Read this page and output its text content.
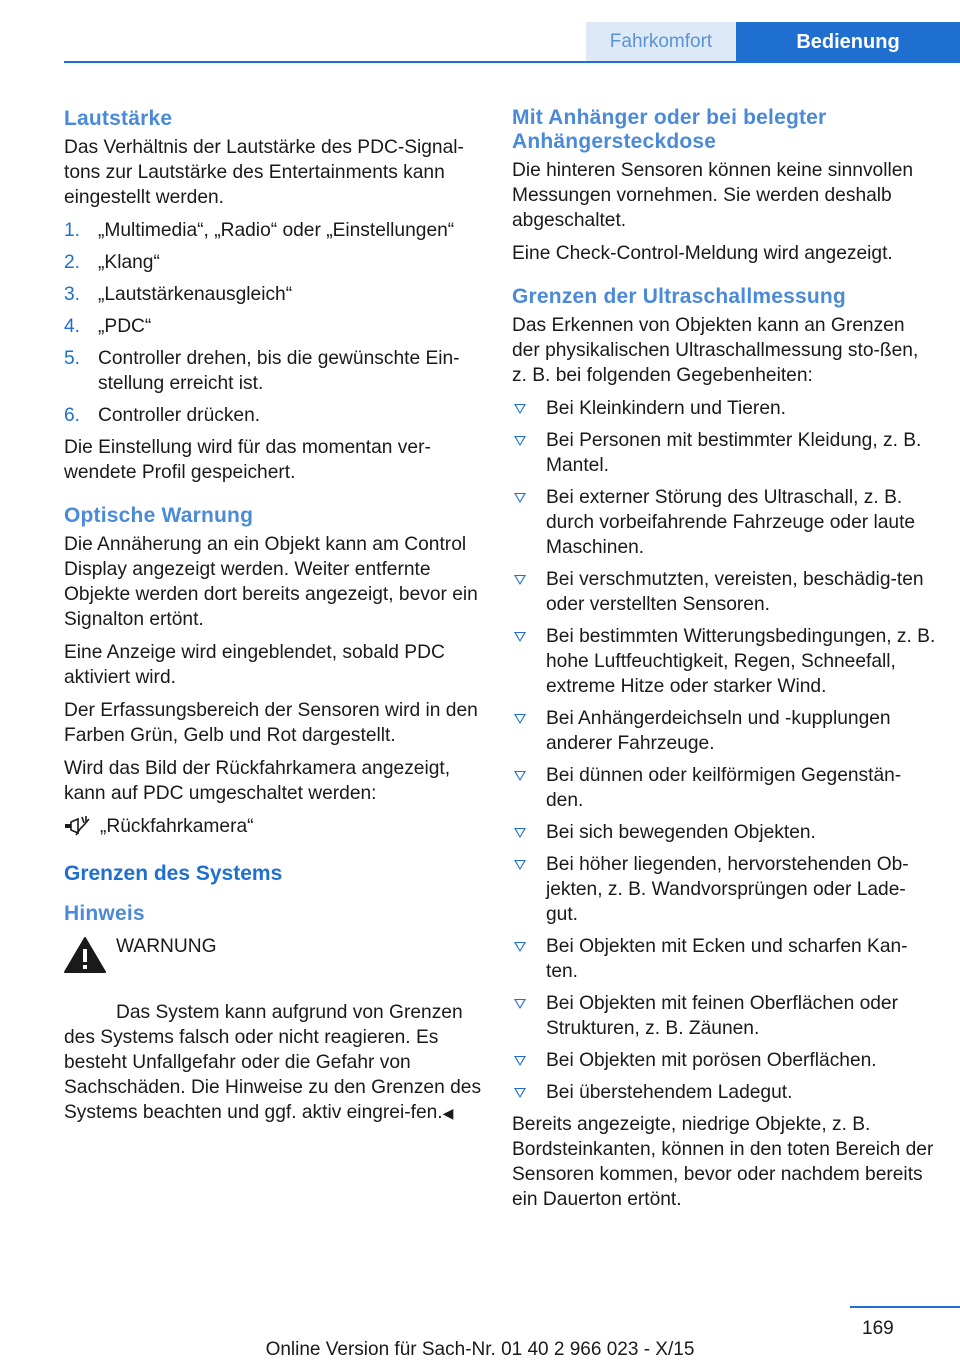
Fahrkomfort	Bedienung
Lautstärke

Das Verhältnis der Lautstärke des PDC-Signal-tons zur Lautstärke des Entertainments kann eingestellt werden.

1. „Multimedia“, „Radio“ oder „Einstellungen“
2. „Klang“
3. „Lautstärkenausgleich“
4. „PDC“
5. Controller drehen, bis die gewünschte Ein-stellung erreicht ist.
6. Controller drücken.

Die Einstellung wird für das momentan ver-wendete Profil gespeichert.

Optische Warnung

Die Annäherung an ein Objekt kann am Control Display angezeigt werden. Weiter entfernte Objekte werden dort bereits angezeigt, bevor ein Signalton ertönt.

Eine Anzeige wird eingeblendet, sobald PDC aktiviert wird.

Der Erfassungsbereich der Sensoren wird in den Farben Grün, Gelb und Rot dargestellt.

Wird das Bild der Rückfahrkamera angezeigt, kann auf PDC umgeschaltet werden:

„Rückfahrkamera“
Grenzen des Systems
Hinweis
WARNUNG

Das System kann aufgrund von Grenzen des Systems falsch oder nicht reagieren. Es besteht Unfallgefahr oder die Gefahr von Sachschäden. Die Hinweise zu den Grenzen des Systems beachten und ggf. aktiv eingrei-fen.◀

Mit Anhänger oder bei belegter Anhängersteckdose

Die hinteren Sensoren können keine sinnvollen Messungen vornehmen. Sie werden deshalb abgeschaltet.

Eine Check-Control-Meldung wird angezeigt.

Grenzen der Ultraschallmessung

Das Erkennen von Objekten kann an Grenzen der physikalischen Ultraschallmessung sto-ßen, z. B. bei folgenden Gegebenheiten:

Bei Kleinkindern und Tieren.
Bei Personen mit bestimmter Kleidung, z. B. Mantel.
Bei externer Störung des Ultraschall, z. B. durch vorbeifahrende Fahrzeuge oder laute Maschinen.
Bei verschmutzten, vereisten, beschädig-ten oder verstellten Sensoren.
Bei bestimmten Witterungsbedingungen, z. B. hohe Luftfeuchtigkeit, Regen, Schneefall, extreme Hitze oder starker Wind.
Bei Anhängerdeichseln und -kupplungen anderer Fahrzeuge.
Bei dünnen oder keilförmigen Gegenstän-den.
Bei sich bewegenden Objekten.
Bei höher liegenden, hervorstehenden Ob-jekten, z. B. Wandvorsprüngen oder Lade-gut.
Bei Objekten mit Ecken und scharfen Kan-ten.
Bei Objekten mit feinen Oberflächen oder Strukturen, z. B. Zäunen.
Bei Objekten mit porösen Oberflächen.
Bei überstehendem Ladegut.

Bereits angezeigte, niedrige Objekte, z. B. Bordsteinkanten, können in den toten Bereich der Sensoren kommen, bevor oder nachdem bereits ein Dauerton ertönt.

169
Online Version für Sach-Nr. 01 40 2 966 023 - X/15
